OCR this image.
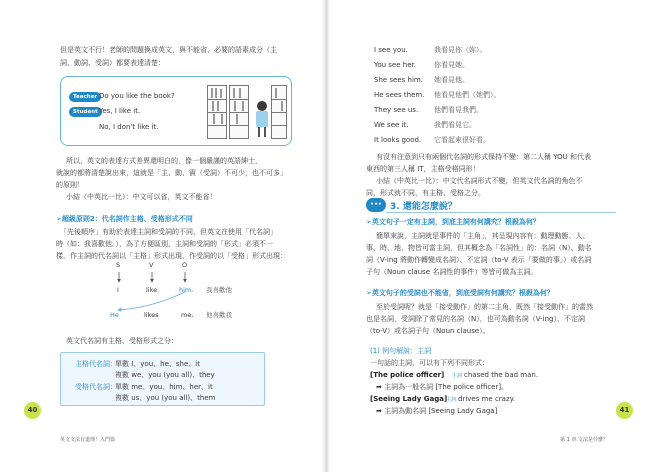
但是英文不行！老師的問題換成英文，與不能省，必要的語素成分（主
詞、動詞、受詞）都要表達清楚：
Teacher Do you like the book?
Student Yes, I like it.
No, I don't like it.
所以，英文的表達方式差異還明白的，像一個嚴謹的英語紳士，
就說的都將清楚說出來，這就是「主、動、賓（受詞）不可少，也不可多」
的原則！
小結（中英比一比）：中文可以省，英文不能省！
➢超級原則2：代名詞作主格、受格形式不同
「先後順序」有助於表達主詞和受詞的不同，但英文在使用「代名詞」
時（如：我喜歡他。），為了方便區別，主詞和受詞的「形式」必須不一
樣，作主詞的代名詞以「主格」形式出現，作受詞的以「受格」形式出現：
S	V	O
I	like	him. 我喜歡他
He	likes	me. 他喜歡我
英文代名詞有主格、受格形式之分：
主格代名詞：
單數 I、you、he、she、it
複數 we、you (you all)、they
受格代名詞：
單數 me、you、him、her、it
複數 us、you (you all)、them
40
英文文法有道理！入門篇
I see you.	我看見你（妳）。
You see her.	你看見她。
She sees him. 她看見他。
He sees them. 他看見他們（她們）。
They see us. 他們看見我們。
We see it.	我們看見它。
It looks good. 它看起來很好看。
有沒有注意到只有兩個代名詞的形式保持不變：第二人稱 YOU 和代表
東西的第三人稱 IT，主格受格同形！
小結（中英比一比）：中文代名詞形式不變，但英文代名詞的角色不
同，形式就不同，有主格、受格之分。
••• 3. 還能怎麼說？
➢英文句子一定有主詞，到底主詞有何講究？根殺為何？
簡單來說，主詞就是事件的「主角」，其呈現內容有：動理動態、人、
事、時、地、物皆可當主詞，但其概念為「名詞性」的：名詞（N）、動名
詞（V-ing 將動作轉變成名詞）、不定詞（to-V 表示「要做的事」）或名詞
子句（Noun clause 名詞性的事件）等皆可做為主詞。
➢英文句子的受詞也不能省，到底受詞有何講究？根殺為何？
至於受詞呢？就是「接受動作」的第二主角，既然「接受動作」的當然
也是名詞，受詞除了常見的名詞（N），也可為動名詞（V-ing）、不定詞
（to-V）或名詞子句（Noun clause）。
(1) 例句解說：主詞
一句話的主詞，可以有下列不同形式：
[The police officer] 主詞 chased the bad man.
➡ 主詞為一般名詞 [The police officer]。
[Seeing Lady Gaga]
主詞 drives me crazy.
➡ 主詞為動名詞 [Seeing Lady Gaga]	41
第 1 章 文法是什麼？
